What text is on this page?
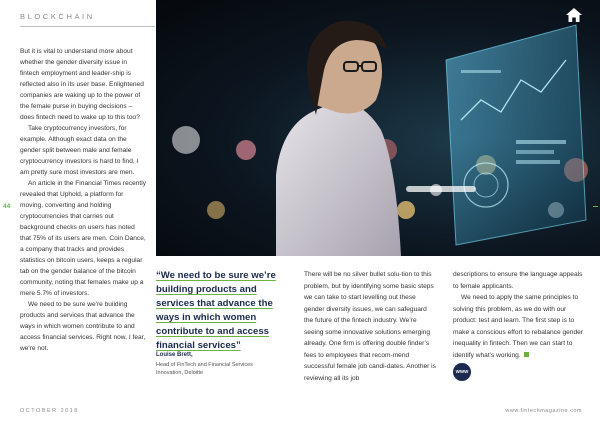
BLOCKCHAIN

But it is vital to understand more about whether the gender diversity issue in fintech employment and leader-ship is reflected also in its user base. Enlightened companies are waking up to the power of the female purse in buying decisions – does fintech need to wake up to this too?

Take cryptocurrency investors, for example. Although exact data on the gender split between male and female cryptocurrency investors is hard to find, I am pretty sure most investors are men.

An article in the Financial Times recently revealed that Uphold, a platform for moving, converting and holding cryptocurrencies that carries out background checks on users has noted that 75% of its users are men. Coin Dance, a company that tracks and provides statistics on bitcoin users, keeps a regular tab on the gender balance of the bitcoin community, noting that females make up a mere 5.7% of investors.

We need to be sure we're building products and services that advance the ways in which women contribute to and access financial services. Right now, I fear, we're not.

44
“We need to be sure we’re building products and services that advance the ways in which women contribute to and access financial services”
Louise Brett,
Head of FinTech and Financial Services Innovation, Deloitte

There will be no silver bullet solu-tion to this problem, but by identifying some basic steps we can take to start levelling out these gender diversity issues, we can safeguard the future of the fintech industry. We’re seeing some innovative solutions emerging already. One firm is offering double finder’s fees to employees that recom-mend successful female job candi-dates. Another is reviewing all its job

descriptions to ensure the language appeals to female applicants.

We need to apply the same principles to solving this problem, as we do with our product: test and learn. The first step is to make a conscious effort to rebalance gender inequality in fintech. Then we can start to identify what’s working.

WWW
OCTOBER 2018	www.fintechmagazine.com
